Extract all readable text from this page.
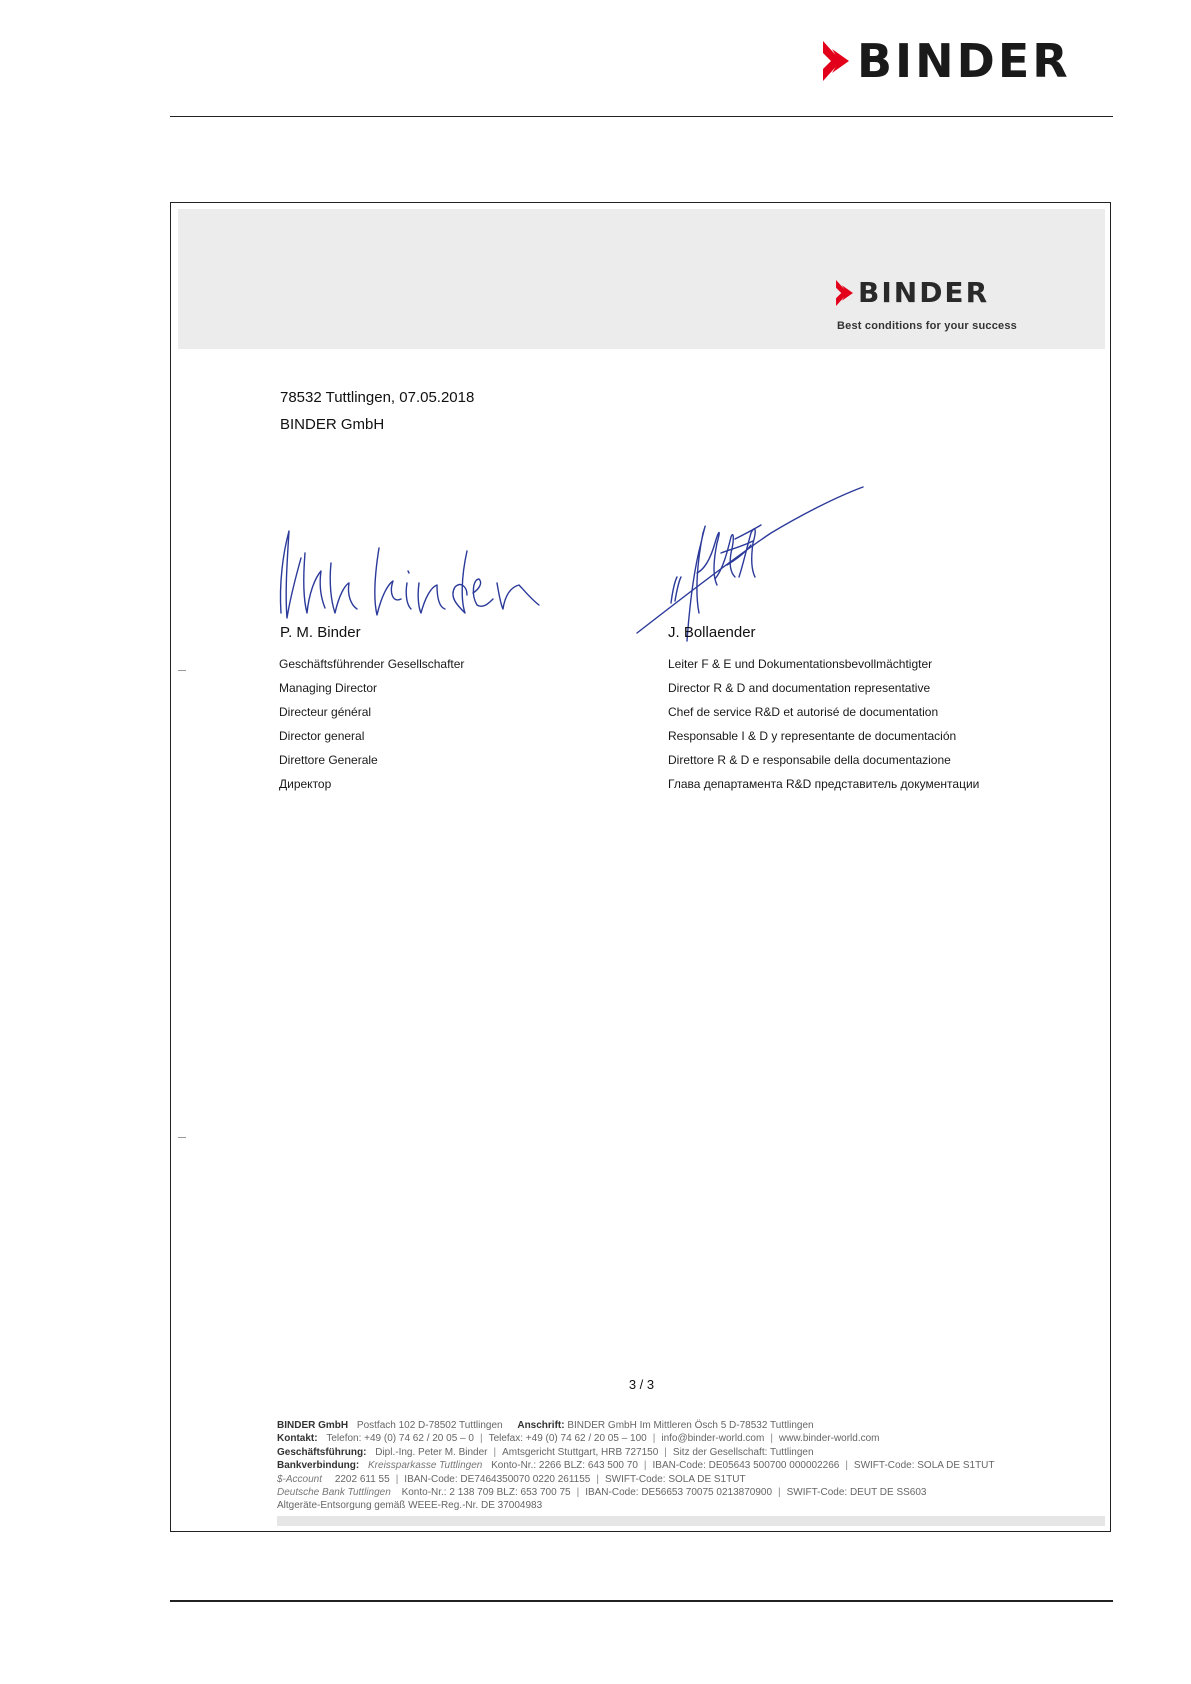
BINDER
BINDER
Best conditions for your success
78532 Tuttlingen, 07.05.2018
BINDER GmbH
P. M. Binder	J. Bollaender
Geschäftsführender Gesellschafter
Managing Director
Directeur général
Director general
Direttore Generale
Директор
Leiter F & E und Dokumentationsbevollmächtigter
Director R & D and documentation representative
Chef de service R&D et autorisé de documentation
Responsable I & D y representante de documentación
Direttore R & D e responsabile della documentazione
Глава департамента R&D представитель документации
3 / 3
BINDER GmbH Postfach 102 D-78502 Tuttlingen Anschrift: BINDER GmbH Im Mittleren Ösch 5 D-78532 Tuttlingen
Kontakt: Telefon: +49 (0) 74 62 / 20 05 – 0 | Telefax: +49 (0) 74 62 / 20 05 – 100 | info@binder-world.com | www.binder-world.com
Geschäftsführung: Dipl.-Ing. Peter M. Binder | Amtsgericht Stuttgart, HRB 727150 | Sitz der Gesellschaft: Tuttlingen
Bankverbindung: Kreissparkasse Tuttlingen Konto-Nr.: 2266 BLZ: 643 500 70 | IBAN-Code: DE05643 500700 000002266 | SWIFT-Code: SOLA DE S1TUT
$-Account 2202 611 55 | IBAN-Code: DE7464350070 0220 261155 | SWIFT-Code: SOLA DE S1TUT
Deutsche Bank Tuttlingen Konto-Nr.: 2 138 709 BLZ: 653 700 75 | IBAN-Code: DE56653 70075 0213870900 | SWIFT-Code: DEUT DE SS603
Altgeräte-Entsorgung gemäß WEEE-Reg.-Nr. DE 37004983
